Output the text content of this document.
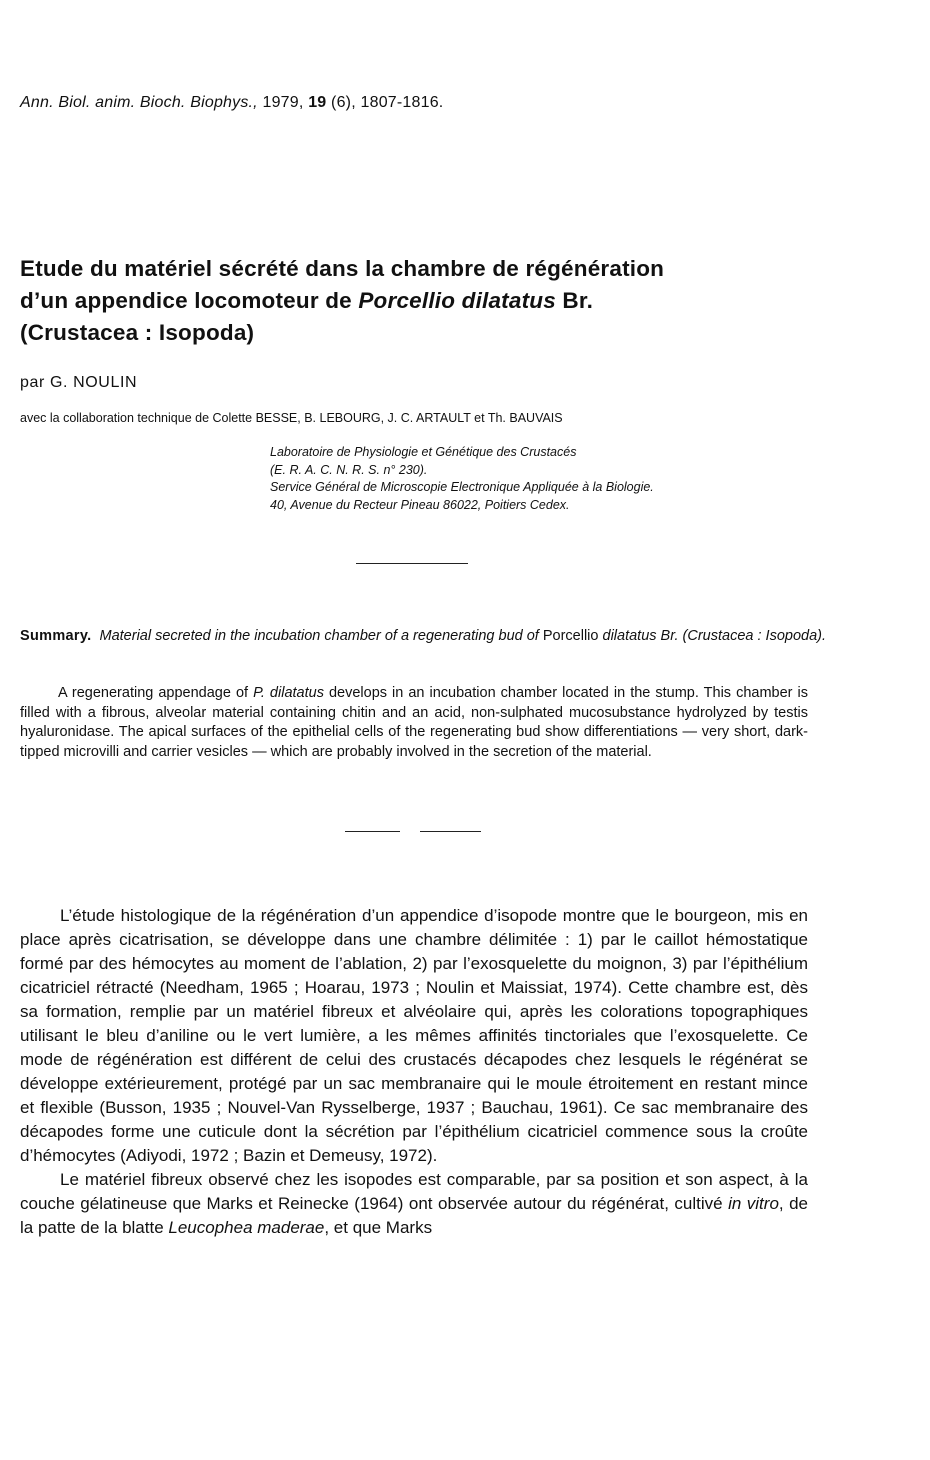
Ann. Biol. anim. Bioch. Biophys., 1979, 19 (6), 1807-1816.
Etude du matériel sécrété dans la chambre de régénération
d’un appendice locomoteur de Porcellio dilatatus Br.
(Crustacea : Isopoda)
par G. NOULIN
avec la collaboration technique de Colette BESSE, B. LEBOURG, J. C. ARTAULT et Th. BAUVAIS
Laboratoire de Physiologie et Génétique des Crustacés
(E. R. A. C. N. R. S. n° 230).
Service Général de Microscopie Electronique Appliquée à la Biologie.
40, Avenue du Recteur Pineau 86022, Poitiers Cedex.
Summary. Material secreted in the incubation chamber of a regenerating bud of Porcellio dilatatus Br. (Crustacea : Isopoda).
A regenerating appendage of P. dilatatus develops in an incubation chamber located in the stump. This chamber is filled with a fibrous, alveolar material containing chitin and an acid, non-sulphated mucosubstance hydrolyzed by testis hyaluronidase. The apical surfaces of the epithelial cells of the regenerating bud show differentiations — very short, dark-tipped microvilli and carrier vesicles — which are probably involved in the secretion of the material.

L’étude histologique de la régénération d’un appendice d’isopode montre que le bourgeon, mis en place après cicatrisation, se développe dans une chambre délimitée : 1) par le caillot hémostatique formé par des hémocytes au moment de l’ablation, 2) par l’exosquelette du moignon, 3) par l’épithélium cicatriciel rétracté (Needham, 1965 ; Hoarau, 1973 ; Noulin et Maissiat, 1974). Cette chambre est, dès sa formation, remplie par un matériel fibreux et alvéolaire qui, après les colorations topographiques utilisant le bleu d’aniline ou le vert lumière, a les mêmes affinités tinctoriales que l’exosquelette. Ce mode de régénération est différent de celui des crustacés décapodes chez lesquels le régénérat se développe extérieurement, protégé par un sac membranaire qui le moule étroitement en restant mince et flexible (Busson, 1935 ; Nouvel-Van Rysselberge, 1937 ; Bauchau, 1961). Ce sac membranaire des décapodes forme une cuticule dont la sécrétion par l’épithélium cicatriciel commence sous la croûte d’hémocytes (Adiyodi, 1972 ; Bazin et Demeusy, 1972).

Le matériel fibreux observé chez les isopodes est comparable, par sa position et son aspect, à la couche gélatineuse que Marks et Reinecke (1964) ont observée autour du régénérat, cultivé in vitro, de la patte de la blatte Leucophea maderae, et que Marks
